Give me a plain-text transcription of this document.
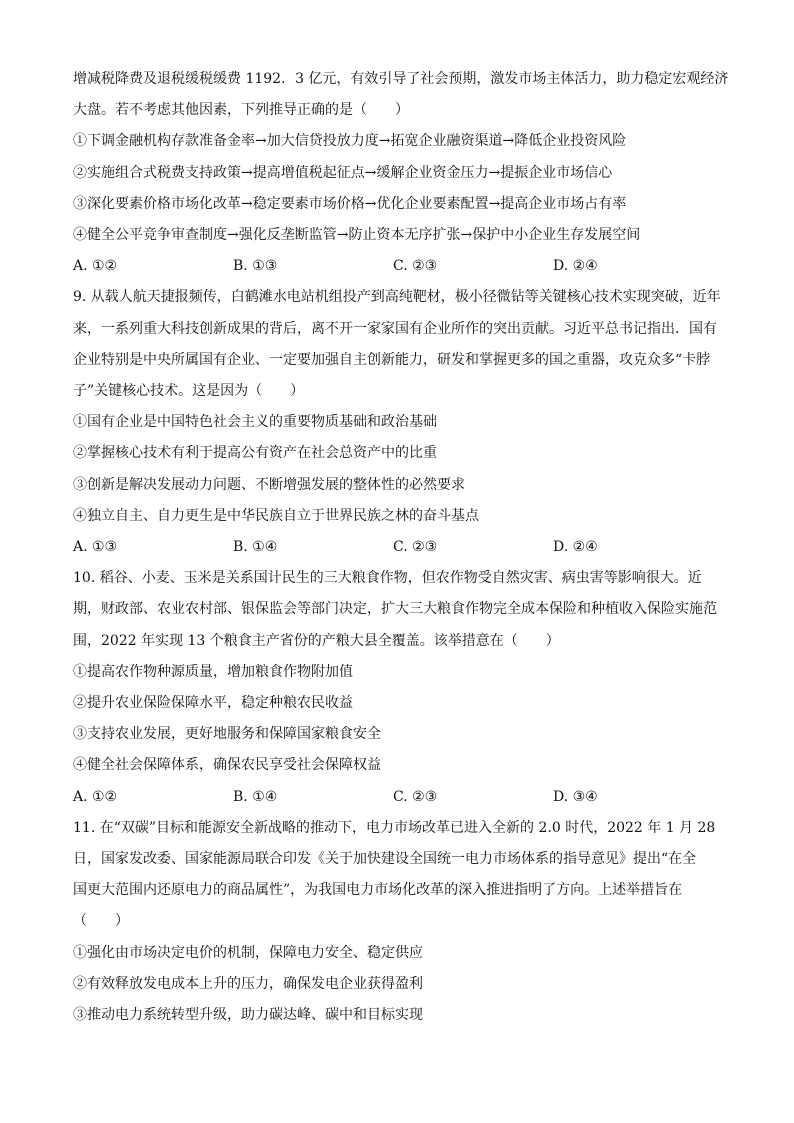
增减税降费及退税缓税缓费 1192．3 亿元，有效引导了社会预期，激发市场主体活力，助力稳定宏观经济
大盘。若不考虑其他因素，下列推导正确的是（　　）
①下调金融机构存款准备金率→加大信贷投放力度→拓宽企业融资渠道→降低企业投资风险
②实施组合式税费支持政策→提高增值税起征点→缓解企业资金压力→提振企业市场信心
③深化要素价格市场化改革→稳定要素市场价格→优化企业要素配置→提高企业市场占有率
④健全公平竞争审查制度→强化反垄断监管→防止资本无序扩张→保护中小企业生存发展空间
A. ①②	B. ①③	C. ②③	D. ②④
9. 从载人航天捷报频传，白鹤滩水电站机组投产到高纯靶材，极小径微钻等关键核心技术实现突破，近年
来，一系列重大科技创新成果的背后，离不开一家家国有企业所作的突出贡献。习近平总书记指出．国有
企业特别是中央所属国有企业、一定要加强自主创新能力，研发和掌握更多的国之重器，攻克众多“卡脖
子”关键核心技术。这是因为（　　）
①国有企业是中国特色社会主义的重要物质基础和政治基础
②掌握核心技术有利于提高公有资产在社会总资产中的比重
③创新是解决发展动力问题、不断增强发展的整体性的必然要求
④独立自主、自力更生是中华民族自立于世界民族之林的奋斗基点
A. ①③	B. ①④	C. ②③	D. ②④
10. 稻谷、小麦、玉米是关系国计民生的三大粮食作物，但农作物受自然灾害、病虫害等影响很大。近
期，财政部、农业农村部、银保监会等部门决定，扩大三大粮食作物完全成本保险和种植收入保险实施范
围，2022 年实现 13 个粮食主产省份的产粮大县全覆盖。该举措意在（　　）
①提高农作物种源质量，增加粮食作物附加值
②提升农业保险保障水平，稳定种粮农民收益
③支持农业发展，更好地服务和保障国家粮食安全
④健全社会保障体系，确保农民享受社会保障权益
A. ①②	B. ①④	C. ②③	D. ③④
11. 在“双碳”目标和能源安全新战略的推动下，电力市场改革已进入全新的 2.0 时代，2022 年 1 月 28
日，国家发改委、国家能源局联合印发《关于加快建设全国统一电力市场体系的指导意见》提出“在全
国更大范围内还原电力的商品属性”，为我国电力市场化改革的深入推进指明了方向。上述举措旨在
（　　）
①强化由市场决定电价的机制，保障电力安全、稳定供应
②有效释放发电成本上升的压力，确保发电企业获得盈利
③推动电力系统转型升级，助力碳达峰、碳中和目标实现
